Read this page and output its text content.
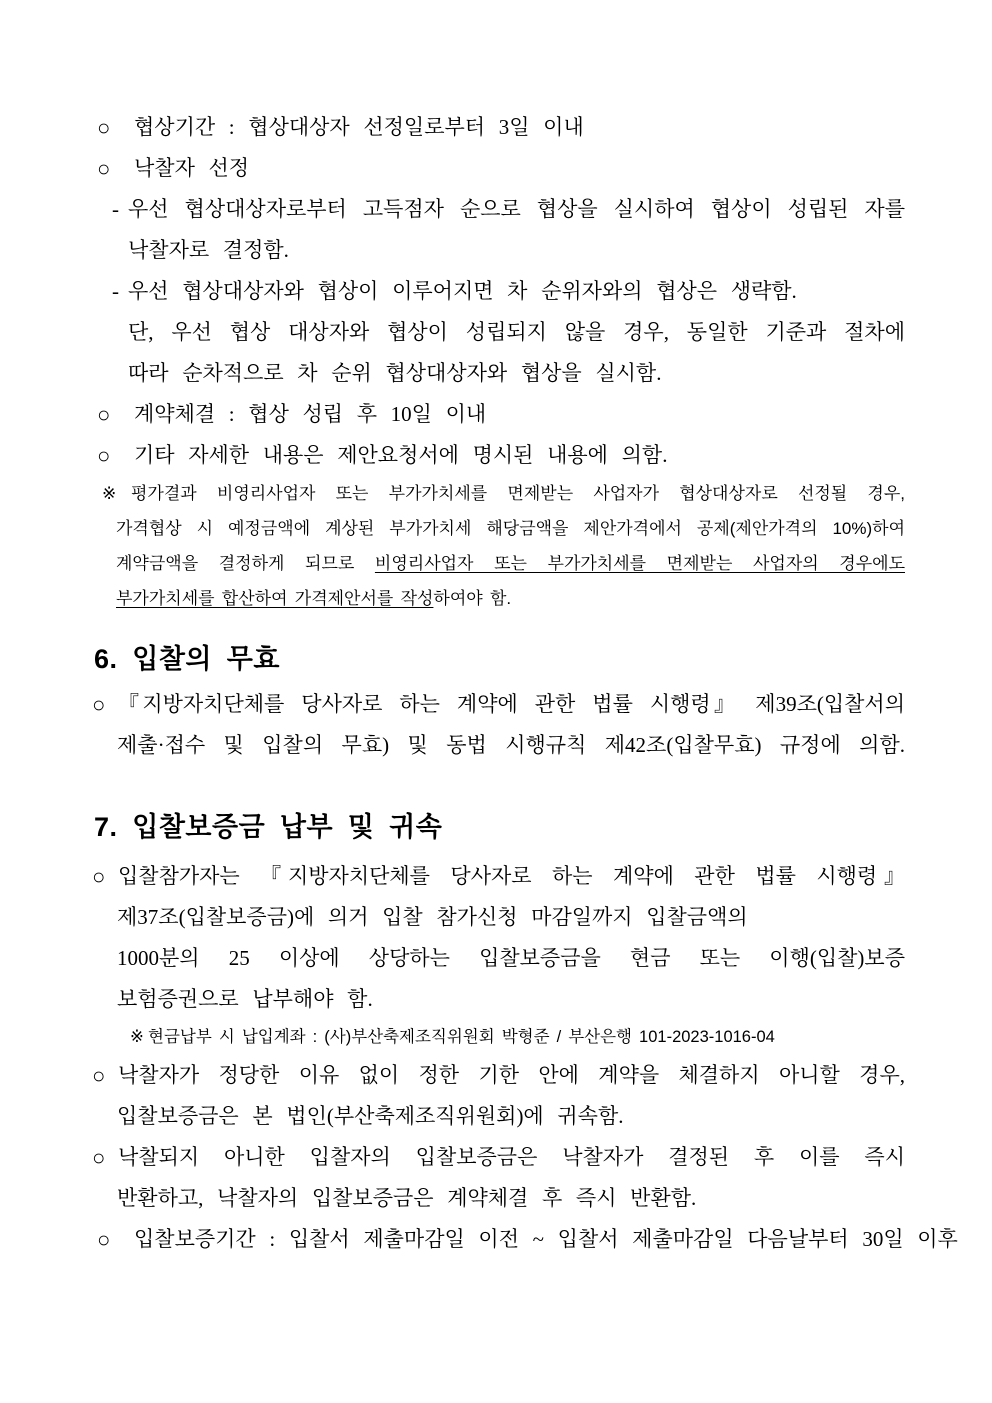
○ 협상기간 : 협상대상자 선정일로부터 3일 이내
○ 낙찰자 선정
- 우선 협상대상자로부터 고득점자 순으로 협상을 실시하여 협상이 성립된 자를
낙찰자로 결정함.
- 우선 협상대상자와 협상이 이루어지면 차 순위자와의 협상은 생략함.
단, 우선 협상 대상자와 협상이 성립되지 않을 경우, 동일한 기준과 절차에
따라 순차적으로 차 순위 협상대상자와 협상을 실시함.
○ 계약체결 : 협상 성립 후 10일 이내
○ 기타 자세한 내용은 제안요청서에 명시된 내용에 의함.
※ 평가결과 비영리사업자 또는 부가가치세를 면제받는 사업자가 협상대상자로 선정될 경우,
가격협상 시 예정금액에 계상된 부가가치세 해당금액을 제안가격에서 공제(제안가격의 10%)하여
계약금액을 결정하게 되므로 비영리사업자 또는 부가가치세를 면제받는 사업자의 경우에도
부가가치세를 합산하여 가격제안서를 작성하여야 함.
6. 입찰의 무효
○ 『지방자치단체를 당사자로 하는 계약에 관한 법률 시행령』 제39조(입찰서의
제출·접수 및 입찰의 무효) 및 동법 시행규칙 제42조(입찰무효) 규정에 의함.
7. 입찰보증금 납부 및 귀속
○ 입찰참가자는 『지방자치단체를 당사자로 하는 계약에 관한 법률 시행령』
제37조(입찰보증금)에 의거 입찰 참가신청 마감일까지 입찰금액의
1000분의 25 이상에 상당하는 입찰보증금을 현금 또는 이행(입찰)보증
보험증권으로 납부해야 함.
※ 현금납부 시 납입계좌 : (사)부산축제조직위원회 박형준 / 부산은행 101-2023-1016-04
○ 낙찰자가 정당한 이유 없이 정한 기한 안에 계약을 체결하지 아니할 경우,
입찰보증금은 본 법인(부산축제조직위원회)에 귀속함.
○ 낙찰되지 아니한 입찰자의 입찰보증금은 낙찰자가 결정된 후 이를 즉시
반환하고, 낙찰자의 입찰보증금은 계약체결 후 즉시 반환함.
○ 입찰보증기간 : 입찰서 제출마감일 이전 ~ 입찰서 제출마감일 다음날부터 30일 이후
